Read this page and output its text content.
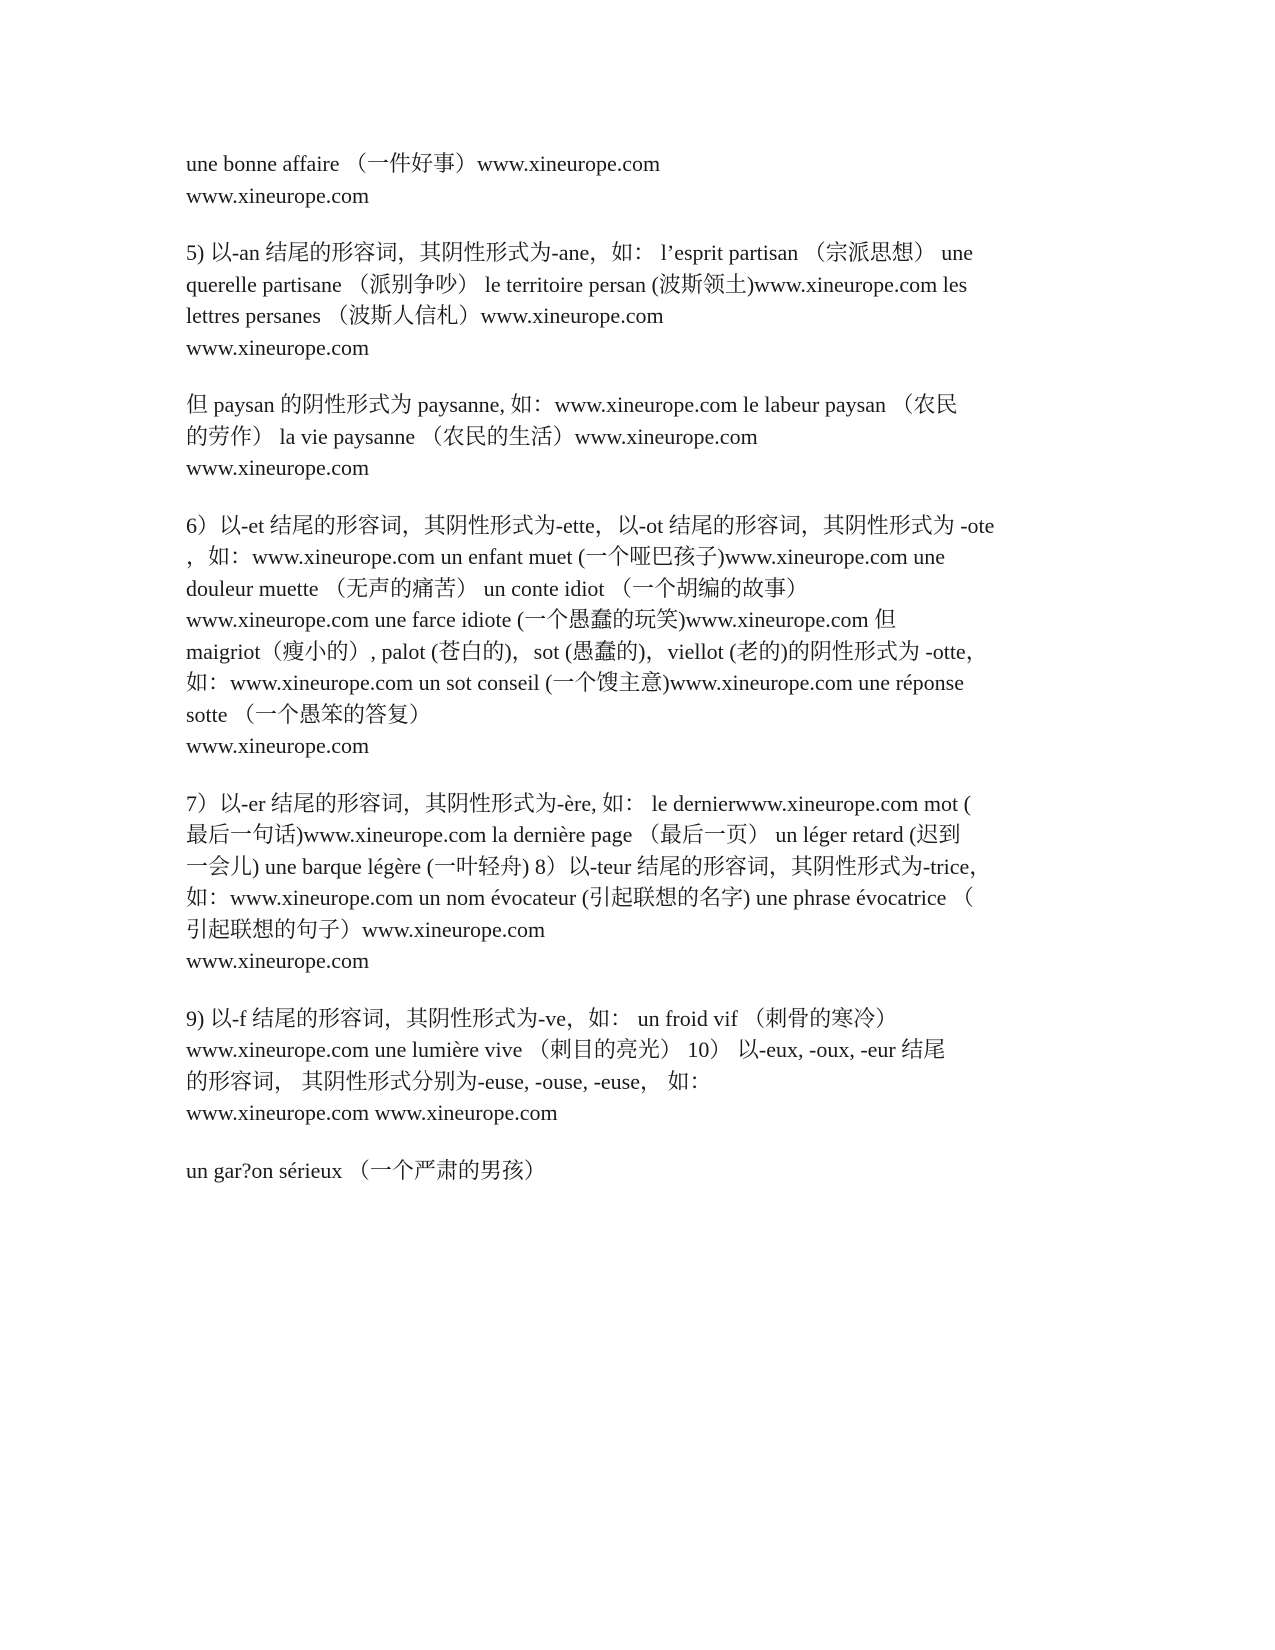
une bonne affaire （一件好事）www.xineurope.com
www.xineurope.com

5) 以-an 结尾的形容词，其阴性形式为-ane，如： l’esprit partisan （宗派思想） une
querelle partisane （派别争吵） le territoire persan (波斯领土)www.xineurope.com les
lettres persanes （波斯人信札）www.xineurope.com
www.xineurope.com

但 paysan 的阴性形式为 paysanne, 如：www.xineurope.com le labeur paysan （农民
的劳作） la vie paysanne （农民的生活）www.xineurope.com
www.xineurope.com

6）以-et 结尾的形容词，其阴性形式为-ette，以-ot 结尾的形容词，其阴性形式为 -ote
，如：www.xineurope.com un enfant muet (一个哑巴孩子)www.xineurope.com une
douleur muette （无声的痛苦） un conte idiot （一个胡编的故事）
www.xineurope.com une farce idiote (一个愚蠢的玩笑)www.xineurope.com 但
maigriot（瘦小的）, palot (苍白的)，sot (愚蠢的)，viellot (老的)的阴性形式为 -otte，
如：www.xineurope.com un sot conseil (一个馊主意)www.xineurope.com une réponse
sotte （一个愚笨的答复）
www.xineurope.com

7）以-er 结尾的形容词，其阴性形式为-ère, 如： le dernierwww.xineurope.com mot (
最后一句话)www.xineurope.com la dernière page （最后一页） un léger retard (迟到
一会儿) une barque légère (一叶轻舟) 8）以-teur 结尾的形容词，其阴性形式为-trice，
如：www.xineurope.com un nom évocateur (引起联想的名字) une phrase évocatrice （
引起联想的句子）www.xineurope.com
www.xineurope.com

9) 以-f 结尾的形容词，其阴性形式为-ve，如： un froid vif （刺骨的寒冷）
www.xineurope.com une lumière vive （刺目的亮光） 10） 以-eux, -oux, -eur 结尾
的形容词， 其阴性形式分别为-euse, -ouse, -euse， 如：
www.xineurope.com www.xineurope.com

un gar?on sérieux （一个严肃的男孩）
